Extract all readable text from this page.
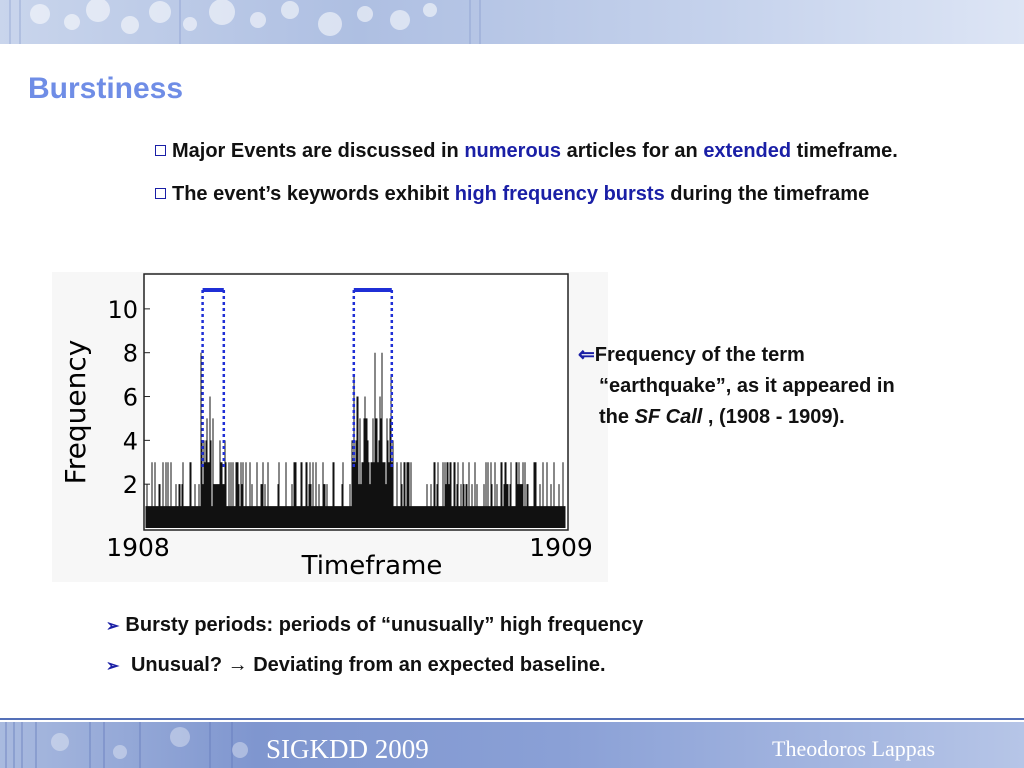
Burstiness

Major Events are discussed in numerous articles for an extended timeframe.

The event’s keywords exhibit high frequency bursts during the timeframe

2
4
6
8
10
Frequency
Timeframe
1908	1909
⇐Frequency of the term
“earthquake”, as it appeared in
the SF Call , (1908 - 1909).

➢ Bursty periods: periods of “unusually” high frequency

➢ Unusual? → Deviating from an expected baseline.

SIGKDD 2009	Theodoros Lappas
